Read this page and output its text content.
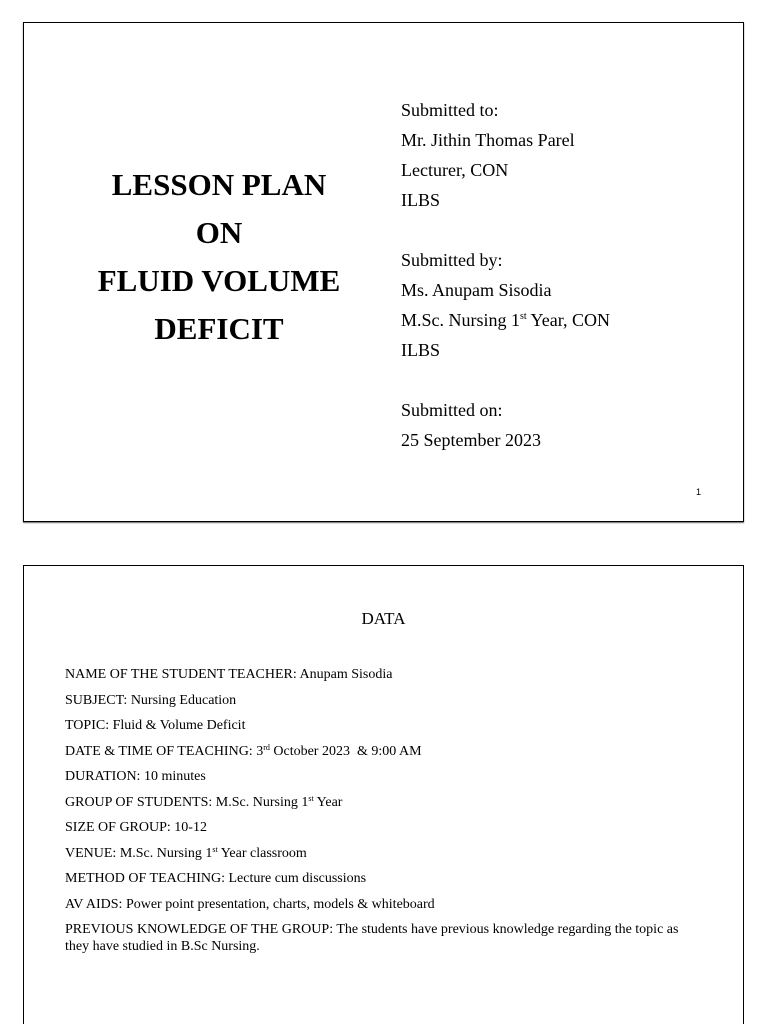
LESSON PLAN
ON
FLUID VOLUME
DEFICIT
Submitted to:
Mr. Jithin Thomas Parel
Lecturer, CON
ILBS
Submitted by:
Ms. Anupam Sisodia
M.Sc. Nursing 1st Year, CON
ILBS
Submitted on:
25 September 2023
1
DATA
NAME OF THE STUDENT TEACHER: Anupam Sisodia
SUBJECT: Nursing Education
TOPIC: Fluid & Volume Deficit
DATE & TIME OF TEACHING: 3rd October 2023  & 9:00 AM
DURATION: 10 minutes
GROUP OF STUDENTS: M.Sc. Nursing 1st Year
SIZE OF GROUP: 10-12
VENUE: M.Sc. Nursing 1st Year classroom
METHOD OF TEACHING: Lecture cum discussions
AV AIDS: Power point presentation, charts, models & whiteboard
PREVIOUS KNOWLEDGE OF THE GROUP: The students have previous knowledge regarding the topic as they have studied in B.Sc Nursing.
